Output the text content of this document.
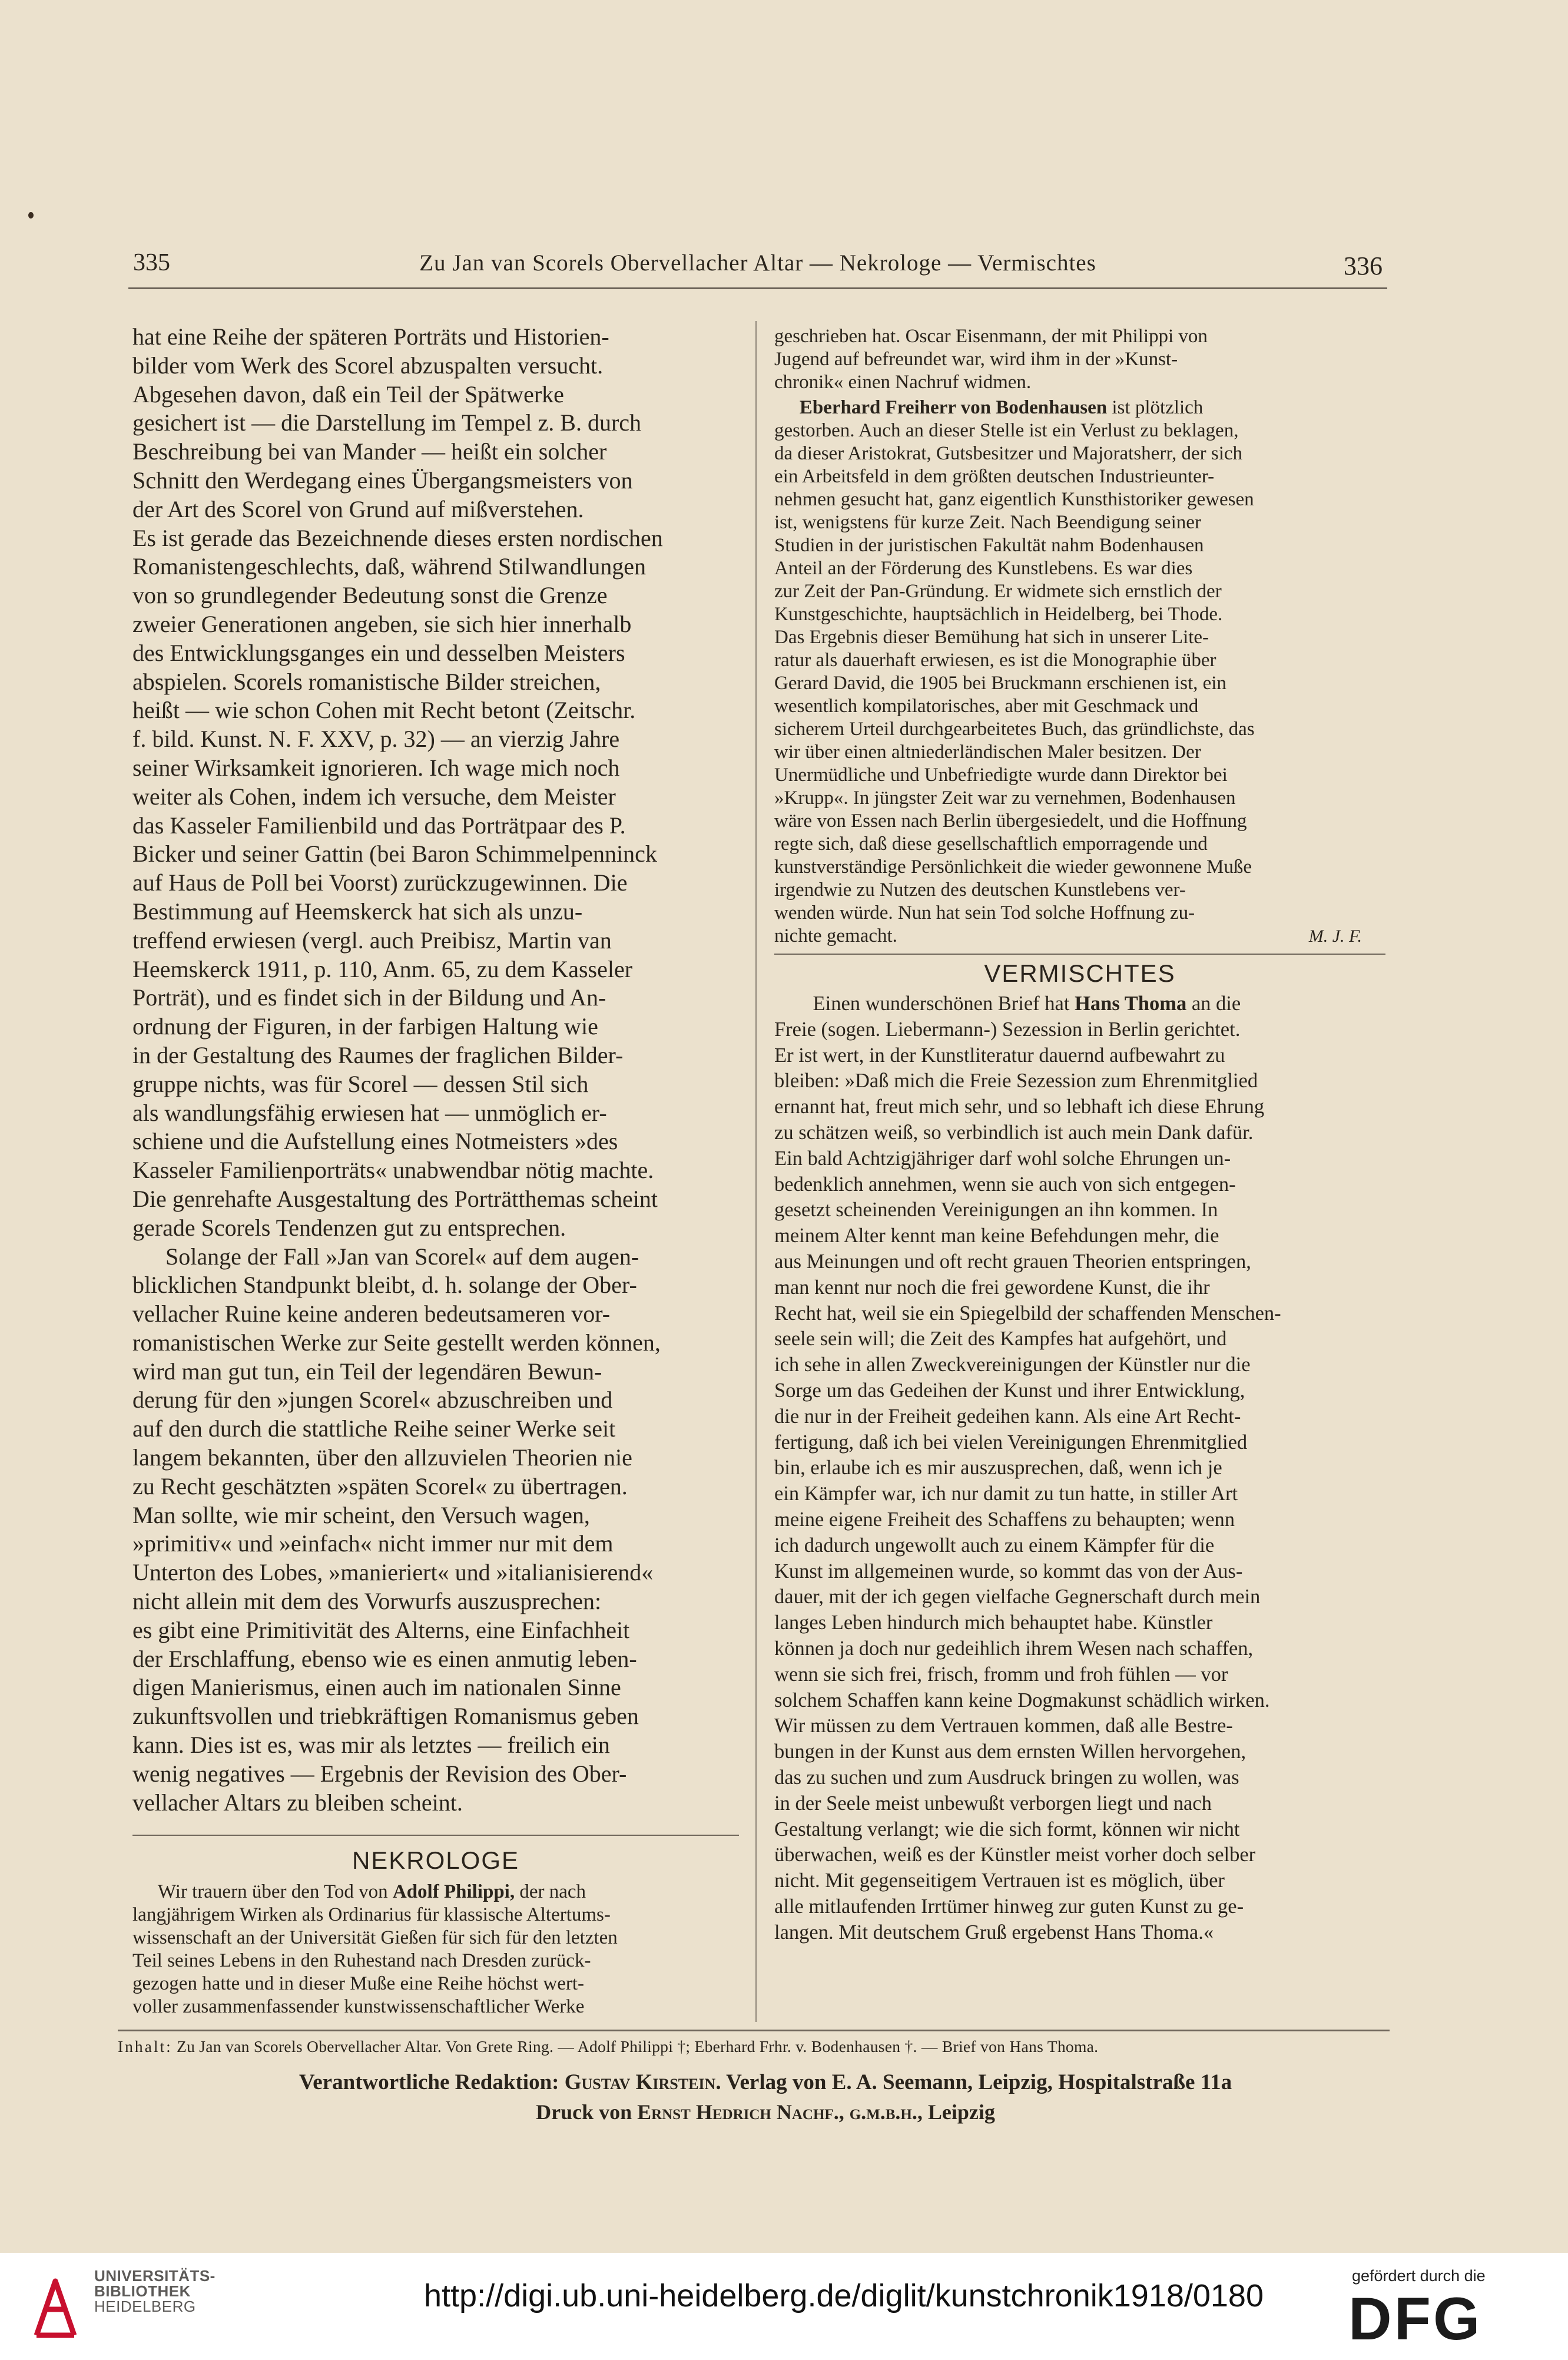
335	Zu Jan van Scorels Obervellacher Altar — Nekrologe — Vermischtes	336

hat eine Reihe der späteren Porträts und Historien-
bilder vom Werk des Scorel abzuspalten versucht.
Abgesehen davon, daß ein Teil der Spätwerke
gesichert ist — die Darstellung im Tempel z. B. durch
Beschreibung bei van Mander — heißt ein solcher
Schnitt den Werdegang eines Übergangsmeisters von
der Art des Scorel von Grund auf mißverstehen.
Es ist gerade das Bezeichnende dieses ersten nordischen
Romanistengeschlechts, daß, während Stilwandlungen
von so grundlegender Bedeutung sonst die Grenze
zweier Generationen angeben, sie sich hier innerhalb
des Entwicklungsganges ein und desselben Meisters
abspielen. Scorels romanistische Bilder streichen,
heißt — wie schon Cohen mit Recht betont (Zeitschr.
f. bild. Kunst. N. F. XXV, p. 32) — an vierzig Jahre
seiner Wirksamkeit ignorieren. Ich wage mich noch
weiter als Cohen, indem ich versuche, dem Meister
das Kasseler Familienbild und das Porträtpaar des P.
Bicker und seiner Gattin (bei Baron Schimmelpenninck
auf Haus de Poll bei Voorst) zurückzugewinnen. Die
Bestimmung auf Heemskerck hat sich als unzu-
treffend erwiesen (vergl. auch Preibisz, Martin van
Heemskerck 1911, p. 110, Anm. 65, zu dem Kasseler
Porträt), und es findet sich in der Bildung und An-
ordnung der Figuren, in der farbigen Haltung wie
in der Gestaltung des Raumes der fraglichen Bilder-
gruppe nichts, was für Scorel — dessen Stil sich
als wandlungsfähig erwiesen hat — unmöglich er-
schiene und die Aufstellung eines Notmeisters »des
Kasseler Familienporträts« unabwendbar nötig machte.
Die genrehafte Ausgestaltung des Porträtthemas scheint
gerade Scorels Tendenzen gut zu entsprechen.

Solange der Fall »Jan van Scorel« auf dem augen-
blicklichen Standpunkt bleibt, d. h. solange der Ober-
vellacher Ruine keine anderen bedeutsameren vor-
romanistischen Werke zur Seite gestellt werden können,
wird man gut tun, ein Teil der legendären Bewun-
derung für den »jungen Scorel« abzuschreiben und
auf den durch die stattliche Reihe seiner Werke seit
langem bekannten, über den allzuvielen Theorien nie
zu Recht geschätzten »späten Scorel« zu übertragen.
Man sollte, wie mir scheint, den Versuch wagen,
»primitiv« und »einfach« nicht immer nur mit dem
Unterton des Lobes, »manieriert« und »italianisierend«
nicht allein mit dem des Vorwurfs auszusprechen:
es gibt eine Primitivität des Alterns, eine Einfachheit
der Erschlaffung, ebenso wie es einen anmutig leben-
digen Manierismus, einen auch im nationalen Sinne
zukunftsvollen und triebkräftigen Romanismus geben
kann. Dies ist es, was mir als letztes — freilich ein
wenig negatives — Ergebnis der Revision des Ober-
vellacher Altars zu bleiben scheint.

NEKROLOGE

Wir trauern über den Tod von Adolf Philippi, der nach
langjährigem Wirken als Ordinarius für klassische Altertums-
wissenschaft an der Universität Gießen für sich für den letzten
Teil seines Lebens in den Ruhestand nach Dresden zurück-
gezogen hatte und in dieser Muße eine Reihe höchst wert-
voller zusammenfassender kunstwissenschaftlicher Werke

geschrieben hat. Oscar Eisenmann, der mit Philippi von
Jugend auf befreundet war, wird ihm in der »Kunst-
chronik« einen Nachruf widmen.

Eberhard Freiherr von Bodenhausen ist plötzlich
gestorben. Auch an dieser Stelle ist ein Verlust zu beklagen,
da dieser Aristokrat, Gutsbesitzer und Majoratsherr, der sich
ein Arbeitsfeld in dem größten deutschen Industrieunter-
nehmen gesucht hat, ganz eigentlich Kunsthistoriker gewesen
ist, wenigstens für kurze Zeit. Nach Beendigung seiner
Studien in der juristischen Fakultät nahm Bodenhausen
Anteil an der Förderung des Kunstlebens. Es war dies
zur Zeit der Pan-Gründung. Er widmete sich ernstlich der
Kunstgeschichte, hauptsächlich in Heidelberg, bei Thode.
Das Ergebnis dieser Bemühung hat sich in unserer Lite-
ratur als dauerhaft erwiesen, es ist die Monographie über
Gerard David, die 1905 bei Bruckmann erschienen ist, ein
wesentlich kompilatorisches, aber mit Geschmack und
sicherem Urteil durchgearbeitetes Buch, das gründlichste, das
wir über einen altniederländischen Maler besitzen. Der
Unermüdliche und Unbefriedigte wurde dann Direktor bei
»Krupp«. In jüngster Zeit war zu vernehmen, Bodenhausen
wäre von Essen nach Berlin übergesiedelt, und die Hoffnung
regte sich, daß diese gesellschaftlich emporragende und
kunstverständige Persönlichkeit die wieder gewonnene Muße
irgendwie zu Nutzen des deutschen Kunstlebens ver-
wenden würde. Nun hat sein Tod solche Hoffnung zu-
nichte gemacht.	M. J. F.

VERMISCHTES

Einen wunderschönen Brief hat Hans Thoma an die
Freie (sogen. Liebermann-) Sezession in Berlin gerichtet.
Er ist wert, in der Kunstliteratur dauernd aufbewahrt zu
bleiben: »Daß mich die Freie Sezession zum Ehrenmitglied
ernannt hat, freut mich sehr, und so lebhaft ich diese Ehrung
zu schätzen weiß, so verbindlich ist auch mein Dank dafür.
Ein bald Achtzigjähriger darf wohl solche Ehrungen un-
bedenklich annehmen, wenn sie auch von sich entgegen-
gesetzt scheinenden Vereinigungen an ihn kommen. In
meinem Alter kennt man keine Befehdungen mehr, die
aus Meinungen und oft recht grauen Theorien entspringen,
man kennt nur noch die frei gewordene Kunst, die ihr
Recht hat, weil sie ein Spiegelbild der schaffenden Menschen-
seele sein will; die Zeit des Kampfes hat aufgehört, und
ich sehe in allen Zweckvereinigungen der Künstler nur die
Sorge um das Gedeihen der Kunst und ihrer Entwicklung,
die nur in der Freiheit gedeihen kann. Als eine Art Recht-
fertigung, daß ich bei vielen Vereinigungen Ehrenmitglied
bin, erlaube ich es mir auszusprechen, daß, wenn ich je
ein Kämpfer war, ich nur damit zu tun hatte, in stiller Art
meine eigene Freiheit des Schaffens zu behaupten; wenn
ich dadurch ungewollt auch zu einem Kämpfer für die
Kunst im allgemeinen wurde, so kommt das von der Aus-
dauer, mit der ich gegen vielfache Gegnerschaft durch mein
langes Leben hindurch mich behauptet habe. Künstler
können ja doch nur gedeihlich ihrem Wesen nach schaffen,
wenn sie sich frei, frisch, fromm und froh fühlen — vor
solchem Schaffen kann keine Dogmakunst schädlich wirken.
Wir müssen zu dem Vertrauen kommen, daß alle Bestre-
bungen in der Kunst aus dem ernsten Willen hervorgehen,
das zu suchen und zum Ausdruck bringen zu wollen, was
in der Seele meist unbewußt verborgen liegt und nach
Gestaltung verlangt; wie die sich formt, können wir nicht
überwachen, weiß es der Künstler meist vorher doch selber
nicht. Mit gegenseitigem Vertrauen ist es möglich, über
alle mitlaufenden Irrtümer hinweg zur guten Kunst zu ge-
langen. Mit deutschem Gruß ergebenst Hans Thoma.«

Inhalt: Zu Jan van Scorels Obervellacher Altar. Von Grete Ring. — Adolf Philippi †; Eberhard Frhr. v. Bodenhausen †. — Brief von Hans Thoma.
Verantwortliche Redaktion: Gustav Kirstein. Verlag von E. A. Seemann, Leipzig, Hospitalstraße 11a
Druck von Ernst Hedrich Nachf., g.m.b.h., Leipzig
UNIVERSITÄTS-
BIBLIOTHEK
HEIDELBERG	http://digi.ub.uni-heidelberg.de/diglit/kunstchronik1918/0180
gefördert durch die
DFG
